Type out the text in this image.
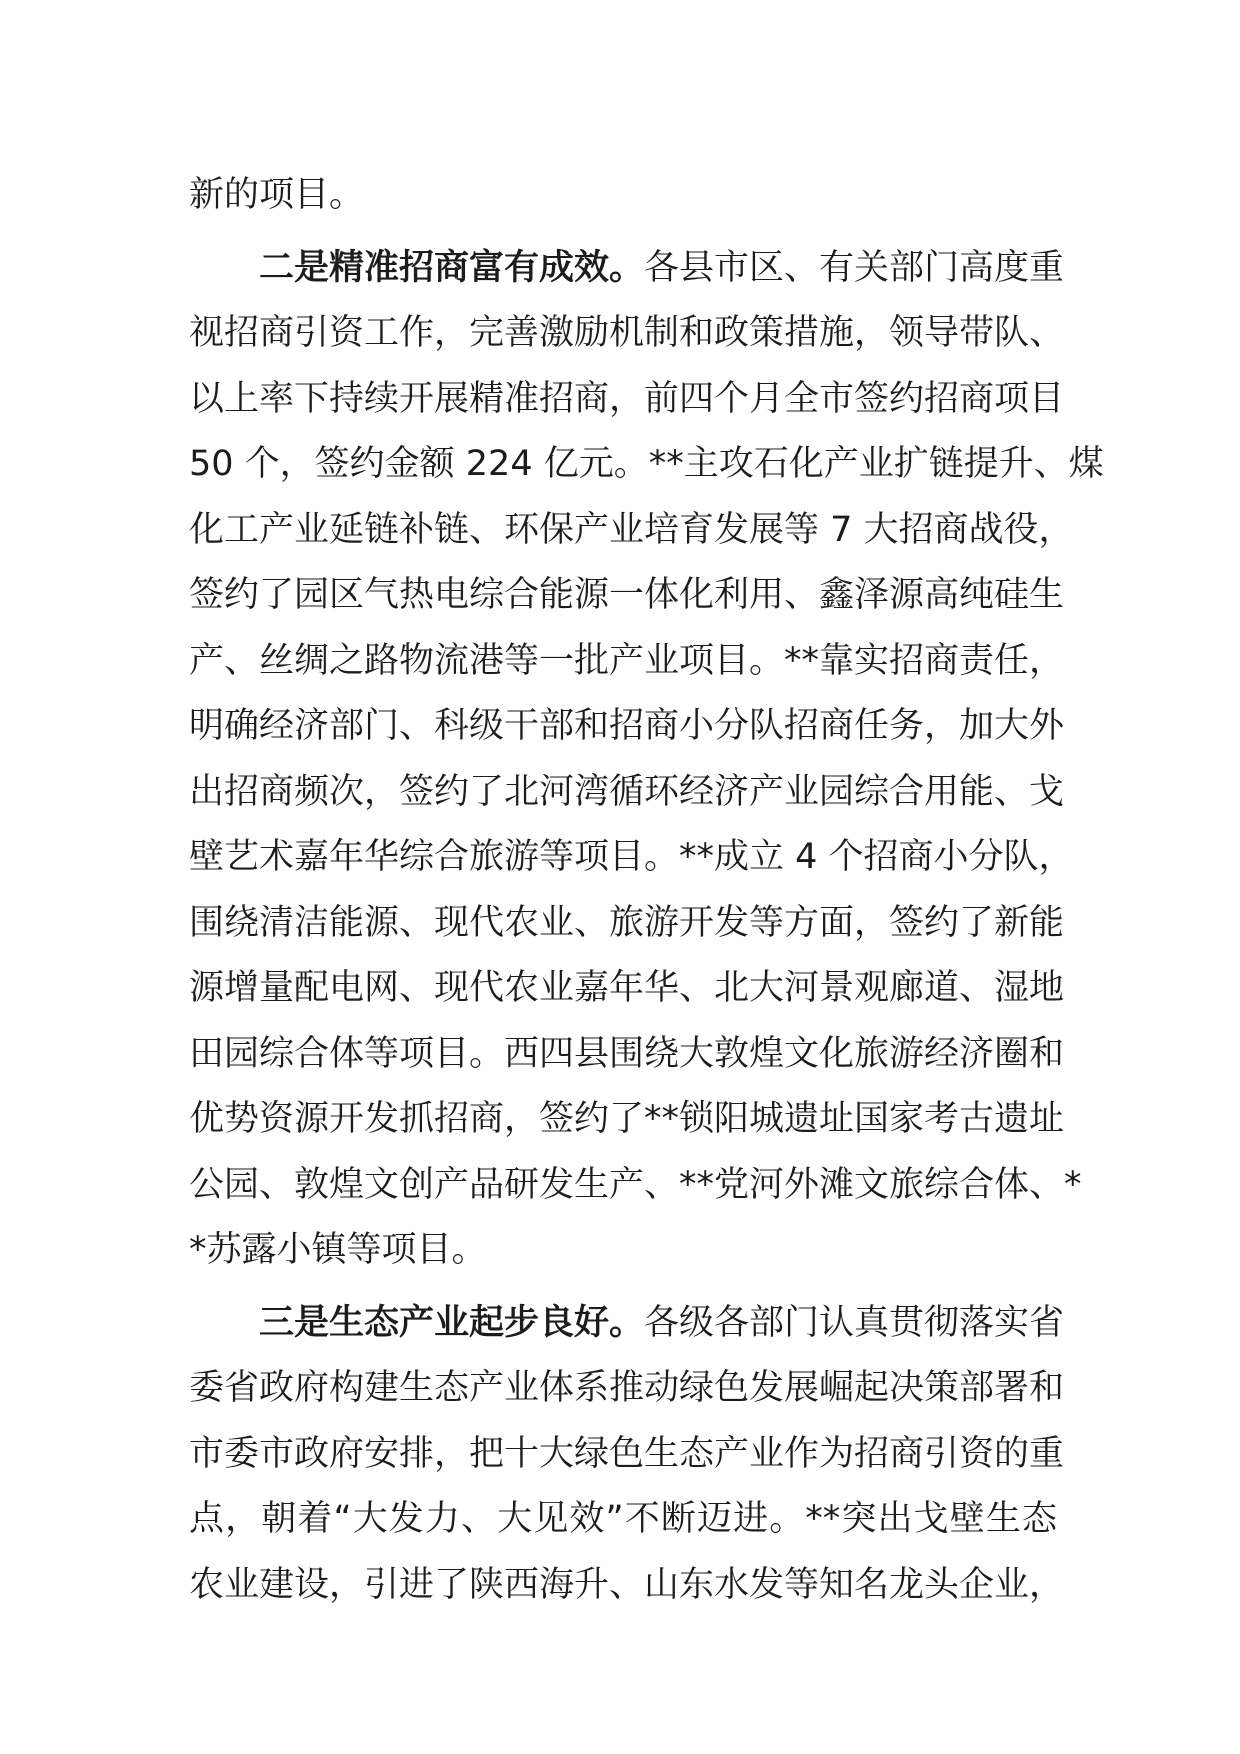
新的项目。
二是精准招商富有成效。各县市区、有关部门高度重
视招商引资工作，完善激励机制和政策措施，领导带队、
以上率下持续开展精准招商，前四个月全市签约招商项目
50 个，签约金额 224 亿元。**主攻石化产业扩链提升、煤
化工产业延链补链、环保产业培育发展等 7 大招商战役，
签约了园区气热电综合能源一体化利用、鑫泽源高纯硅生
产、丝绸之路物流港等一批产业项目。**靠实招商责任，
明确经济部门、科级干部和招商小分队招商任务，加大外
出招商频次，签约了北河湾循环经济产业园综合用能、戈
壁艺术嘉年华综合旅游等项目。**成立 4 个招商小分队，
围绕清洁能源、现代农业、旅游开发等方面，签约了新能
源增量配电网、现代农业嘉年华、北大河景观廊道、湿地
田园综合体等项目。西四县围绕大敦煌文化旅游经济圈和
优势资源开发抓招商，签约了**锁阳城遗址国家考古遗址
公园、敦煌文创产品研发生产、**党河外滩文旅综合体、*
*苏露小镇等项目。
三是生态产业起步良好。各级各部门认真贯彻落实省
委省政府构建生态产业体系推动绿色发展崛起决策部署和
市委市政府安排，把十大绿色生态产业作为招商引资的重
点，朝着“大发力、大见效”不断迈进。**突出戈壁生态
农业建设，引进了陕西海升、山东水发等知名龙头企业，
